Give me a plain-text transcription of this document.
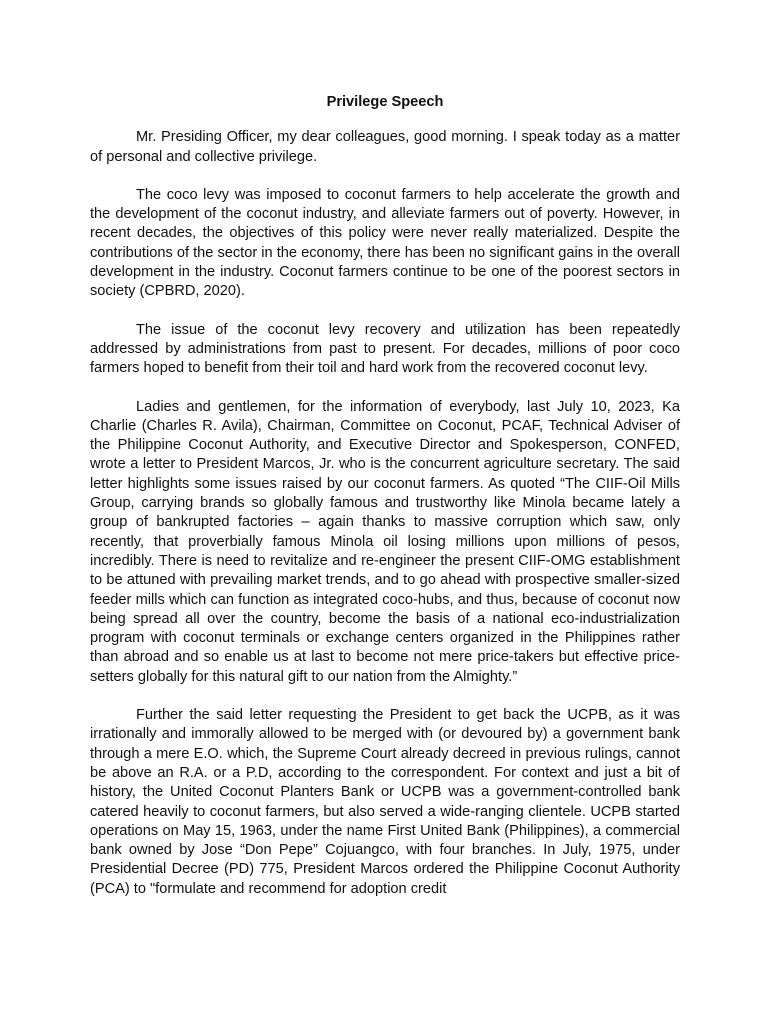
Privilege Speech

Mr. Presiding Officer, my dear colleagues, good morning. I speak today as a matter of personal and collective privilege.

The coco levy was imposed to coconut farmers to help accelerate the growth and the development of the coconut industry, and alleviate farmers out of poverty. However, in recent decades, the objectives of this policy were never really materialized. Despite the contributions of the sector in the economy, there has been no significant gains in the overall development in the industry. Coconut farmers continue to be one of the poorest sectors in society (CPBRD, 2020).

The issue of the coconut levy recovery and utilization has been repeatedly addressed by administrations from past to present. For decades, millions of poor coco farmers hoped to benefit from their toil and hard work from the recovered coconut levy.

Ladies and gentlemen, for the information of everybody, last July 10, 2023, Ka Charlie (Charles R. Avila), Chairman, Committee on Coconut, PCAF, Technical Adviser of the Philippine Coconut Authority, and Executive Director and Spokesperson, CONFED, wrote a letter to President Marcos, Jr. who is the concurrent agriculture secretary. The said letter highlights some issues raised by our coconut farmers. As quoted “The CIIF-Oil Mills Group, carrying brands so globally famous and trustworthy like Minola became lately a group of bankrupted factories – again thanks to massive corruption which saw, only recently, that proverbially famous Minola oil losing millions upon millions of pesos, incredibly. There is need to revitalize and re-engineer the present CIIF-OMG establishment to be attuned with prevailing market trends, and to go ahead with prospective smaller-sized feeder mills which can function as integrated coco-hubs, and thus, because of coconut now being spread all over the country, become the basis of a national eco-industrialization program with coconut terminals or exchange centers organized in the Philippines rather than abroad and so enable us at last to become not mere price-takers but effective price-setters globally for this natural gift to our nation from the Almighty.”

Further the said letter requesting the President to get back the UCPB, as it was irrationally and immorally allowed to be merged with (or devoured by) a government bank through a mere E.O. which, the Supreme Court already decreed in previous rulings, cannot be above an R.A. or a P.D, according to the correspondent. For context and just a bit of history, the United Coconut Planters Bank or UCPB was a government-controlled bank catered heavily to coconut farmers, but also served a wide-ranging clientele. UCPB started operations on May 15, 1963, under the name First United Bank (Philippines), a commercial bank owned by Jose “Don Pepe” Cojuangco, with four branches. In July, 1975, under Presidential Decree (PD) 775, President Marcos ordered the Philippine Coconut Authority (PCA) to "formulate and recommend for adoption credit
